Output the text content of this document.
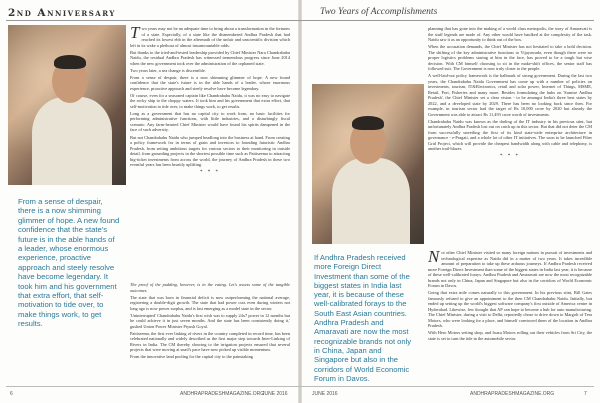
2nd Anniversary	Two Years of Accomplishments
From a sense of despair, there is a now shimming glimmer of hope. A new found confidence that the state's future is in the able hands of a leader, whose enormous experience, proactive approach and steely resolve have become legendary. It took him and his government that extra effort, that self-motivation to tide over, to make things work, to get results.

Two years may not be an adequate time to bring about a transformation in the fortunes of a state. Especially, of a state like the dismembered Andhra Pradesh that had reached its lowest ebb in the aftermath of the unfair and unscientific division which left in its wake a plethora of almost insurmountable odds.

But thanks to the tried-and-tested leadership provided by Chief Minister Nara Chandrababu Naidu, the residual Andhra Pradesh has witnessed tremendous progress since June 2014 when the new government took over the administration of the orphaned state.

Two years later, a sea change is discernible.

From a sense of despair, there is a now shimming glimmer of hope. A new found confidence that the state's future is in the able hands of a leader, whose enormous experience, proactive approach and steely resolve have become legendary.

Of course, even for a seasoned captain like Chandrababu Naidu, it was no easy to navigate the rocky ship to the choppy waters. It took him and his government that extra effort, that self-motivation to tide over, to make things work, to get results.

Long as a government that has no capital city to work from, no basic facilities for performing administrative functions, with little industries, and a disturbingly fiscal scenario. Any farm-hearted Chief Minister would have found his spirits dampened in the face of such adversity.

But not Chandrababu Naidu who jumped headlong into the business at hand. From creating a policy framework for in terms of grain and investors to founding futuristic Andhra Pradesh, from setting ambitious targets for various sectors to their monitoring in outside detail, from grounding projects in the shortest possible time such as Pattiseema to attracting big-ticket investments from across the world, the journey of Andhra Pradesh in these two eventful years has been heartily uplifting.

* * *

The proof of the pudding, however, is in the eating. Let's assess some of the tangible outcomes.

The state that was born in financial deficit is now outperforming the national average, registering a double-digit growth. The state that had power cuts even during winters not long ago is now power surplus, and is fast emerging as a model state in the sector.

'Uninterrupted' Chandrababu Naidu's first wish was to supply 24x7 power in 12 months but he could achieve it in just seven months. And the state has been consistently doing it,' gushed Union Power Minister Piyush Goyal.

Pattiseema, the first ever linking of rivers in the country completed in record time, has been celebrated nationally and widely described as the first major step towards Inter-Linking of Rivers in India. The CM thereby showing to the irrigation projects ensured that several projects that were moving at snail's pace have now picked up visible momentum.

From the innovative land pooling for the capital city to the painstaking

If Andhra Pradesh received more Foreign Direct Investment than some of the biggest states in India last year, it is because of these well-calibrated forays to the South East Asian countries. Andhra Pradesh and Amaravati are now the most recognizable brands not only in China, Japan and Singapore but also in the corridors of World Economic Forum in Davos.

planning that has gone into the making of a world class metropolis, the story of Amaravati is the stuff legends are made of. Any other would have baulked at the complexity of the task. Naidu saw it as an opportunity to think out of the box.

When the accusation demands, the Chief Minister has not hesitated to take a bold decision. The shifting of the key administrative functions to Vijayawada, even though there were no proper logistics problems staring at him in the face, has proved to be a tough but wise decision. With CM himself choosing to sit in the make-shift offices, the senior staff has followed suit. The Government is now truly closer to the people.

A well-laid-out policy framework is the hallmark of strong government. During the last two years, the Chandrababu Naidu Government has come up with a number of policies on investments, tourism, IT&Electronics, retail and solar power, Internet of Things, MSME, Retail, Port, Fisheries and many more. Besides formulating the hubs on 'Sunrise Andhra Pradesh', the Chief Minister set a clear vision - to be amongst India's three best states by 2022, and a developed state by 2029. There has been no looking back since then. For example, in tourism sector had the target of Rs 10,000 crore by 2020 but already the Government was able to attract Rs 11,493 crore worth of investments.

Chandrababu Naidu was known as the darling of the IT industry in his previous stint, but unfortunately Andhra Pradesh lost out on catch up in this sector. But that did not deter the CM from successfully unveiling the first of its kind state-wide enterprise architecture in governance - e-Pragati, and a whole lot of other IT initiatives. The soon to be launched Fiber Grid Project, which will provide the cheapest bandwidth along with cable and telephony, is another trail-blazer.

* * *

Not other Chief Minister visited so many foreign nations in pursuit of investments and technological expertise as Naidu did in a matter of two years. It takes incredible amount of preparation to take up these arduous journeys. If Andhra Pradesh received more Foreign Direct Investment than some of the biggest states in India last year, it is because of these well-calibrated forays. Andhra Pradesh and Amaravati are now the most recognizable brands not only in China, Japan and Singapore but also in the corridors of World Economic Forum in Davos.

Going that extra mile comes naturally to this government. In his previous stint, Bill Gates famously refused to give an appointment to the then CM Chandrababu Naidu. Initially, but ended up setting up the world's biggest software company's first outside of America centre in Hyderabad. Likewise, few thought that AP can hope to become a hub for auto manufacturing. The Chief Minister, during a visit to Delhi, reportedly chose to drive down to Margoli of Tera Motors, who were looking for a place, and himself convinced them of the location in Andhra Pradesh.

With Hero Motors setting shop, and Isuzu Motors rolling out their vehicles from Sri City, the state is set to turn the tide in the automobile sector.

6	ANDHRAPRADESHMAGAZINE.ORG
JUNE 2016	JUNE 2016	ANDHRAPRADESHMAGAZINE.ORG	7
